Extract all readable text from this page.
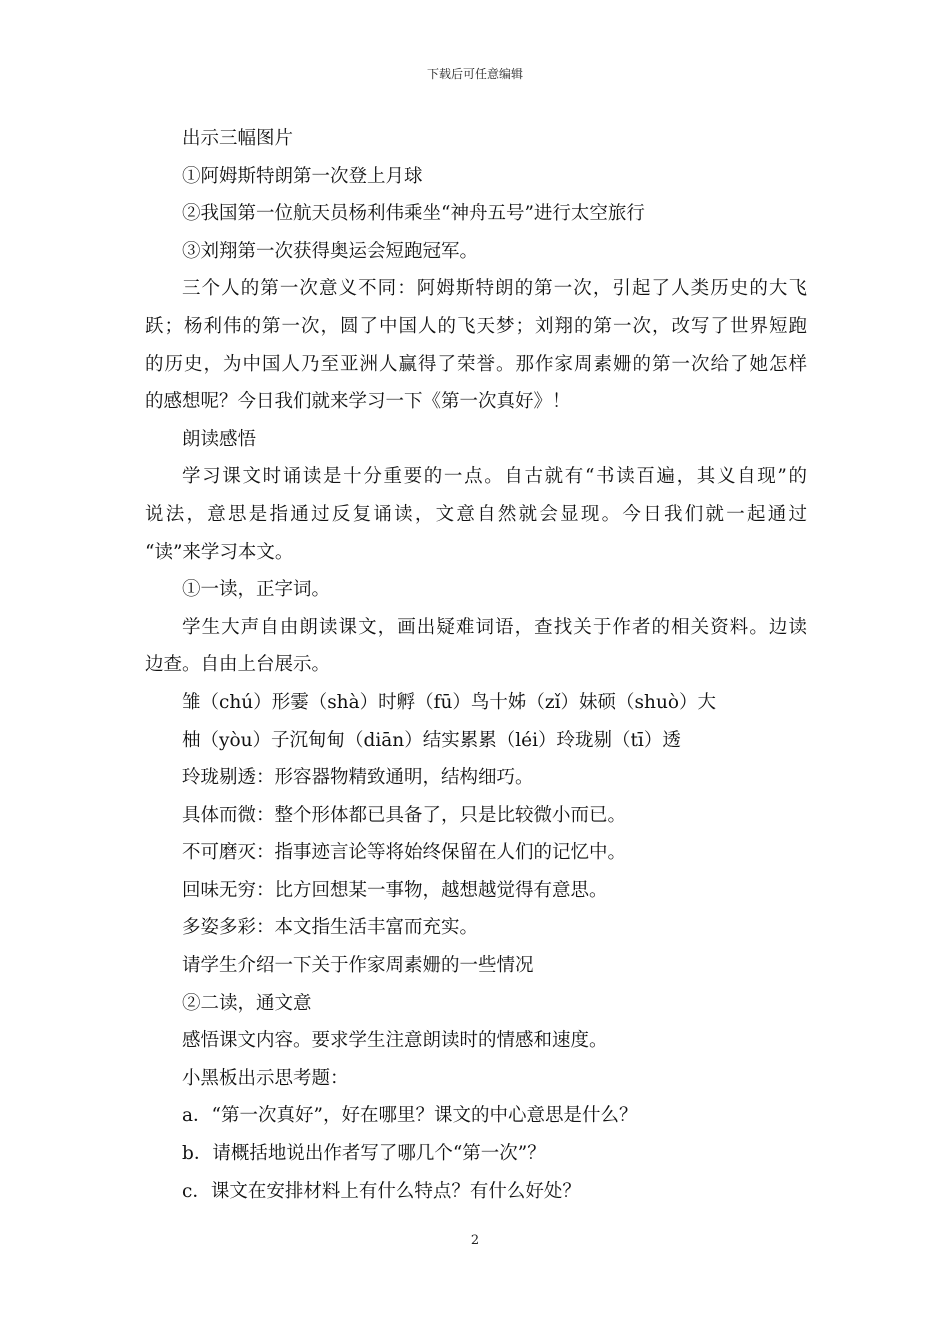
下载后可任意编辑
出示三幅图片
①阿姆斯特朗第一次登上月球
②我国第一位航天员杨利伟乘坐“神舟五号”进行太空旅行
③刘翔第一次获得奥运会短跑冠军。
三个人的第一次意义不同：阿姆斯特朗的第一次，引起了人类历史的大飞
跃；杨利伟的第一次，圆了中国人的飞天梦；刘翔的第一次，改写了世界短跑
的历史，为中国人乃至亚洲人赢得了荣誉。那作家周素姗的第一次给了她怎样
的感想呢？今日我们就来学习一下《第一次真好》！
朗读感悟
学习课文时诵读是十分重要的一点。自古就有“书读百遍，其义自现”的
说法，意思是指通过反复诵读，文意自然就会显现。今日我们就一起通过
“读”来学习本文。
①一读，正字词。
学生大声自由朗读课文，画出疑难词语，查找关于作者的相关资料。边读
边查。自由上台展示。
雏（chú）形霎（shà）时孵（fū）鸟十姊（zǐ）妹硕（shuò）大
柚（yòu）子沉甸甸（diān）结实累累（léi）玲珑剔（tī）透
玲珑剔透：形容器物精致通明，结构细巧。
具体而微：整个形体都已具备了，只是比较微小而已。
不可磨灭：指事迹言论等将始终保留在人们的记忆中。
回味无穷：比方回想某一事物，越想越觉得有意思。
多姿多彩：本文指生活丰富而充实。
请学生介绍一下关于作家周素姗的一些情况
②二读，通文意
感悟课文内容。要求学生注意朗读时的情感和速度。
小黑板出示思考题：
a．“第一次真好”，好在哪里？课文的中心意思是什么？
b．请概括地说出作者写了哪几个“第一次”？
c．课文在安排材料上有什么特点？有什么好处？
2
